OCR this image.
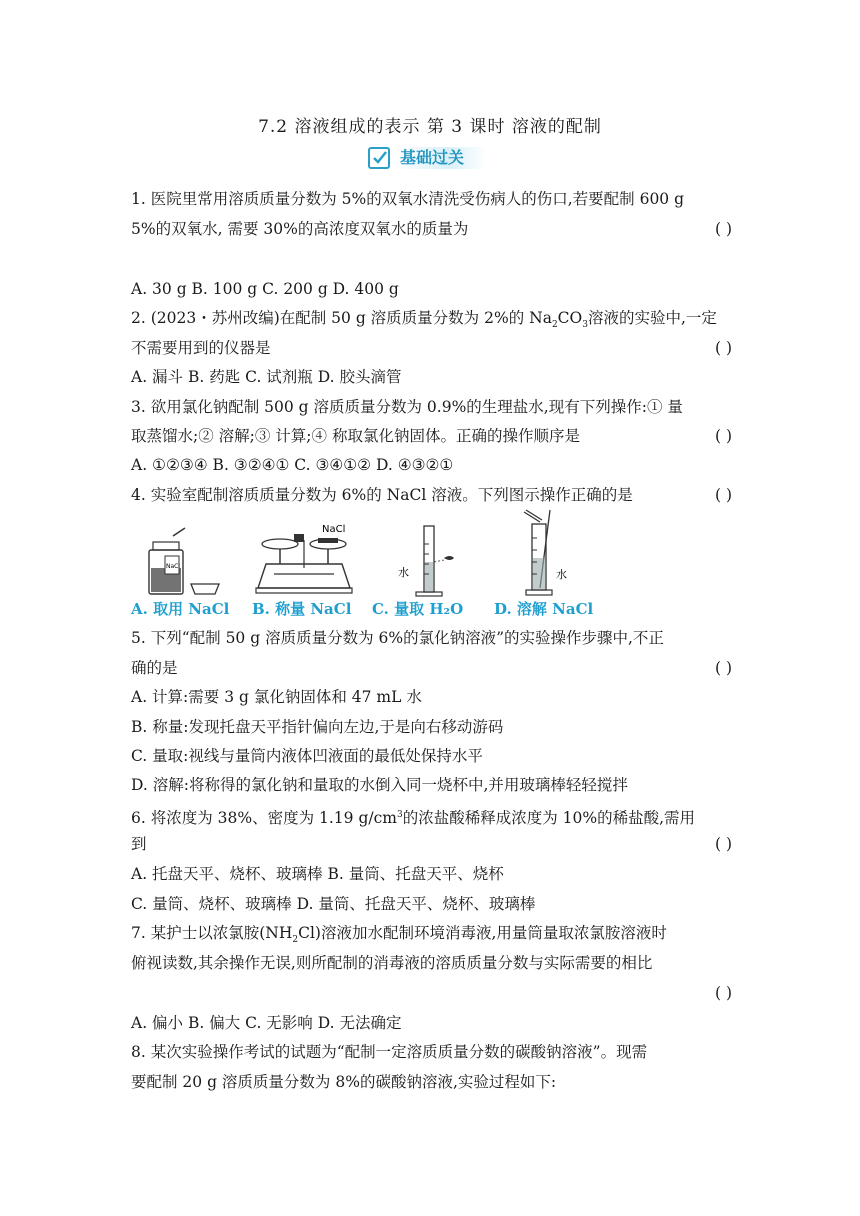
7.2 溶液组成的表示 第 3 课时 溶液的配制
基础过关
1. 医院里常用溶质质量分数为 5%的双氧水清洗受伤病人的伤口,若要配制 600 g
5%的双氧水, 需要 30%的高浓度双氧水的质量为	( )
A. 30 g B. 100 g C. 200 g D. 400 g
2. (2023・苏州改编)在配制 50 g 溶质质量分数为 2%的 $Na_2CO_3$溶液的实验中,一定
不需要用到的仪器是	( )
A. 漏斗 B. 药匙 C. 试剂瓶 D. 胶头滴管
3. 欲用氯化钠配制 500 g 溶质质量分数为 0.9%的生理盐水,现有下列操作:① 量
取蒸馏水;② 溶解;③ 计算;④ 称取氯化钠固体。正确的操作顺序是	( )
A. ①②③④ B. ③②④① C. ③④①② D. ④③②①
4. 实验室配制溶质质量分数为 6%的 NaCl 溶液。下列图示操作正确的是	( )
NaCl
NaCl
水	水
A. 取用 NaCl B. 称量 NaCl C. 量取 H₂O D. 溶解 NaCl
5. 下列“配制 50 g 溶质质量分数为 6%的氯化钠溶液”的实验操作步骤中,不正
确的是	( )
A. 计算:需要 3 g 氯化钠固体和 47 mL 水
B. 称量:发现托盘天平指针偏向左边,于是向右移动游码
C. 量取:视线与量筒内液体凹液面的最低处保持水平
D. 溶解:将称得的氯化钠和量取的水倒入同一烧杯中,并用玻璃棒轻轻搅拌
6. 将浓度为 38%、密度为 1.19 $g/cm^3$的浓盐酸稀释成浓度为 10%的稀盐酸,需用
到	( )
A. 托盘天平、烧杯、玻璃棒 B. 量筒、托盘天平、烧杯
C. 量筒、烧杯、玻璃棒 D. 量筒、托盘天平、烧杯、玻璃棒
7. 某护士以浓氯胺$(NH_2Cl)$溶液加水配制环境消毒液,用量筒量取浓氯胺溶液时
俯视读数,其余操作无误,则所配制的消毒液的溶质质量分数与实际需要的相比
( )
A. 偏小 B. 偏大 C. 无影响 D. 无法确定
8. 某次实验操作考试的试题为“配制一定溶质质量分数的碳酸钠溶液”。现需
要配制 20 g 溶质质量分数为 8%的碳酸钠溶液,实验过程如下:
